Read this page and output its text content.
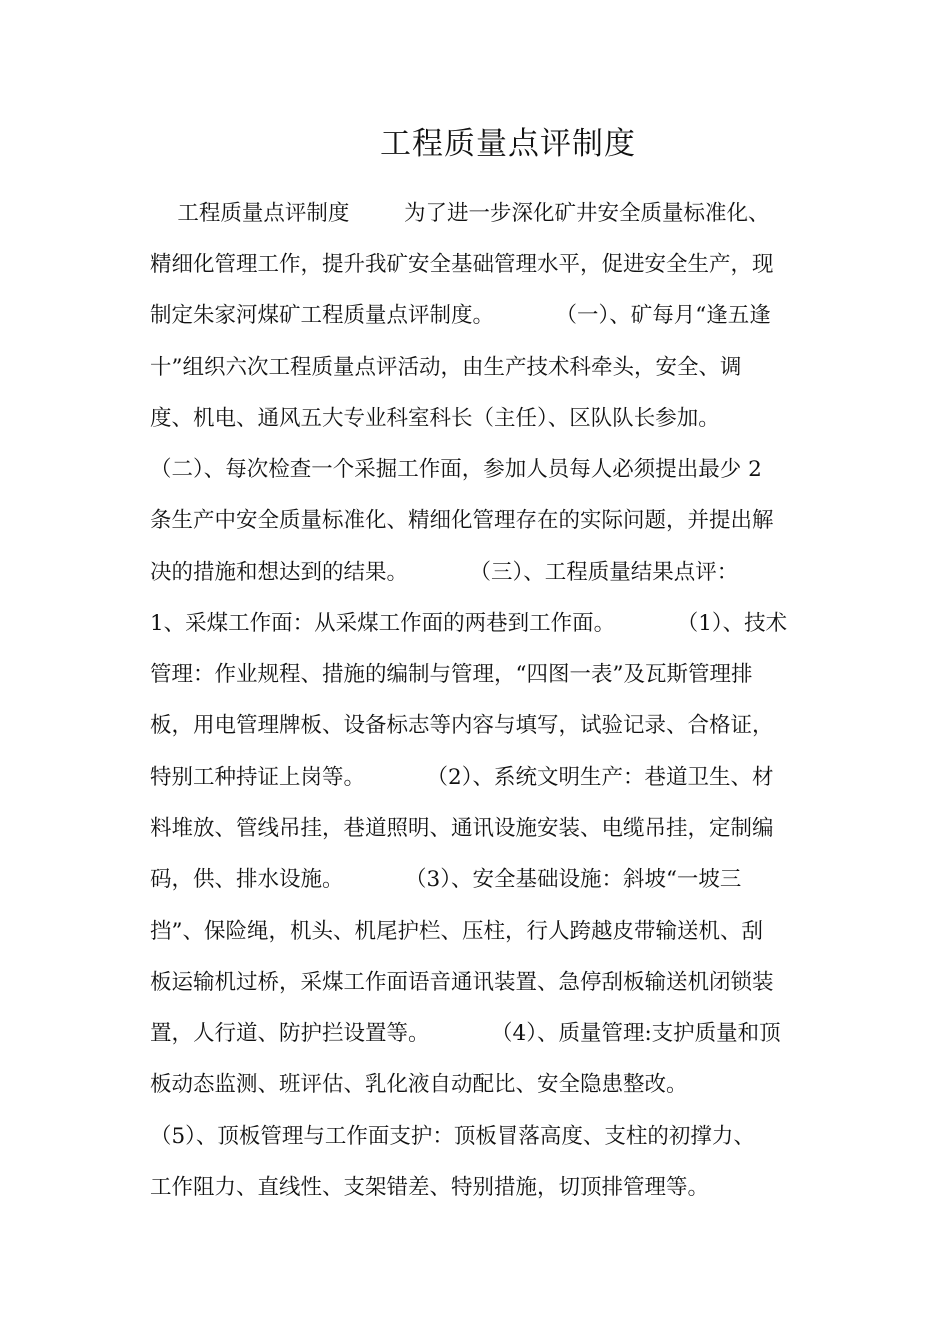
工程质量点评制度

工程质量点评制度        为了进一步深化矿井安全质量标准化、

精细化管理工作，提升我矿安全基础管理水平，促进安全生产，现

制定朱家河煤矿工程质量点评制度。         （一）、矿每月“逢五逢

十”组织六次工程质量点评活动，由生产技术科牵头，安全、调

度、机电、通风五大专业科室科长（主任）、区队队长参加。

（二）、每次检查一个采掘工作面，参加人员每人必须提出最少 2

条生产中安全质量标准化、精细化管理存在的实际问题，并提出解

决的措施和想达到的结果。         （三）、工程质量结果点评：

1、采煤工作面：从采煤工作面的两巷到工作面。         （1）、技术

管理：作业规程、措施的编制与管理，“四图一表”及瓦斯管理排

板，用电管理牌板、设备标志等内容与填写，试验记录、合格证，

特别工种持证上岗等。         （2）、系统文明生产：巷道卫生、材

料堆放、管线吊挂，巷道照明、通讯设施安装、电缆吊挂，定制编

码，供、排水设施。         （3）、安全基础设施：斜坡“一坡三

挡”、保险绳，机头、机尾护栏、压柱，行人跨越皮带输送机、刮

板运输机过桥，采煤工作面语音通讯装置、急停刮板输送机闭锁装

置，人行道、防护拦设置等。         （4）、质量管理:支护质量和顶

板动态监测、班评估、乳化液自动配比、安全隐患整改。

（5）、顶板管理与工作面支护：顶板冒落高度、支柱的初撑力、

工作阻力、直线性、支架错差、特别措施，切顶排管理等。
